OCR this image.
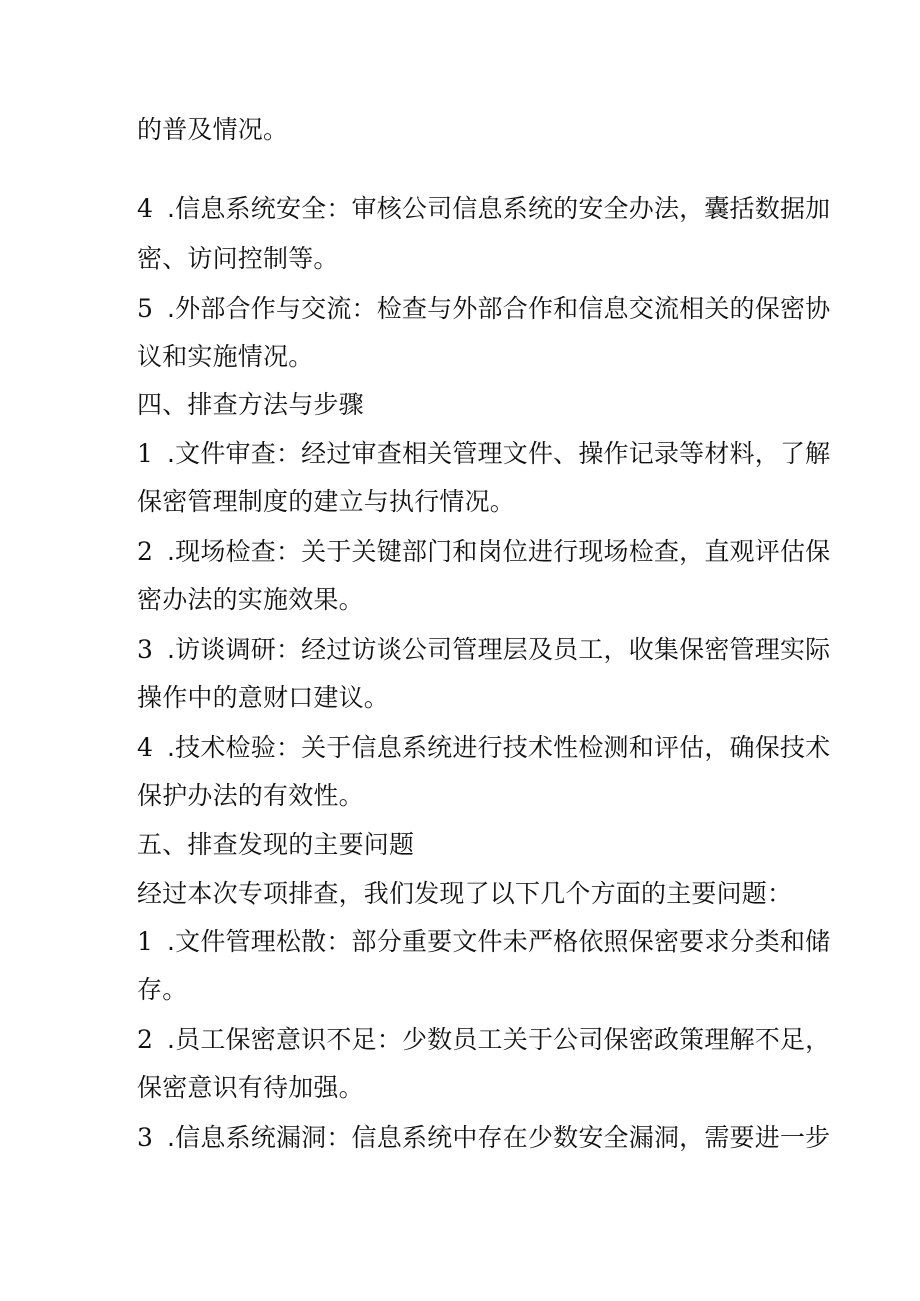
的普及情况。
4 .信息系统安全：审核公司信息系统的安全办法，囊括数据加
密、访问控制等。
5 .外部合作与交流：检查与外部合作和信息交流相关的保密协
议和实施情况。
四、排查方法与步骤
1 .文件审查：经过审查相关管理文件、操作记录等材料，了解
保密管理制度的建立与执行情况。
2 .现场检查：关于关键部门和岗位进行现场检查，直观评估保
密办法的实施效果。
3 .访谈调研：经过访谈公司管理层及员工，收集保密管理实际
操作中的意财口建议。
4 .技术检验：关于信息系统进行技术性检测和评估，确保技术
保护办法的有效性。
五、排查发现的主要问题
经过本次专项排查，我们发现了以下几个方面的主要问题：
1 .文件管理松散：部分重要文件未严格依照保密要求分类和储
存。
2 .员工保密意识不足：少数员工关于公司保密政策理解不足，
保密意识有待加强。
3 .信息系统漏洞：信息系统中存在少数安全漏洞，需要进一步
